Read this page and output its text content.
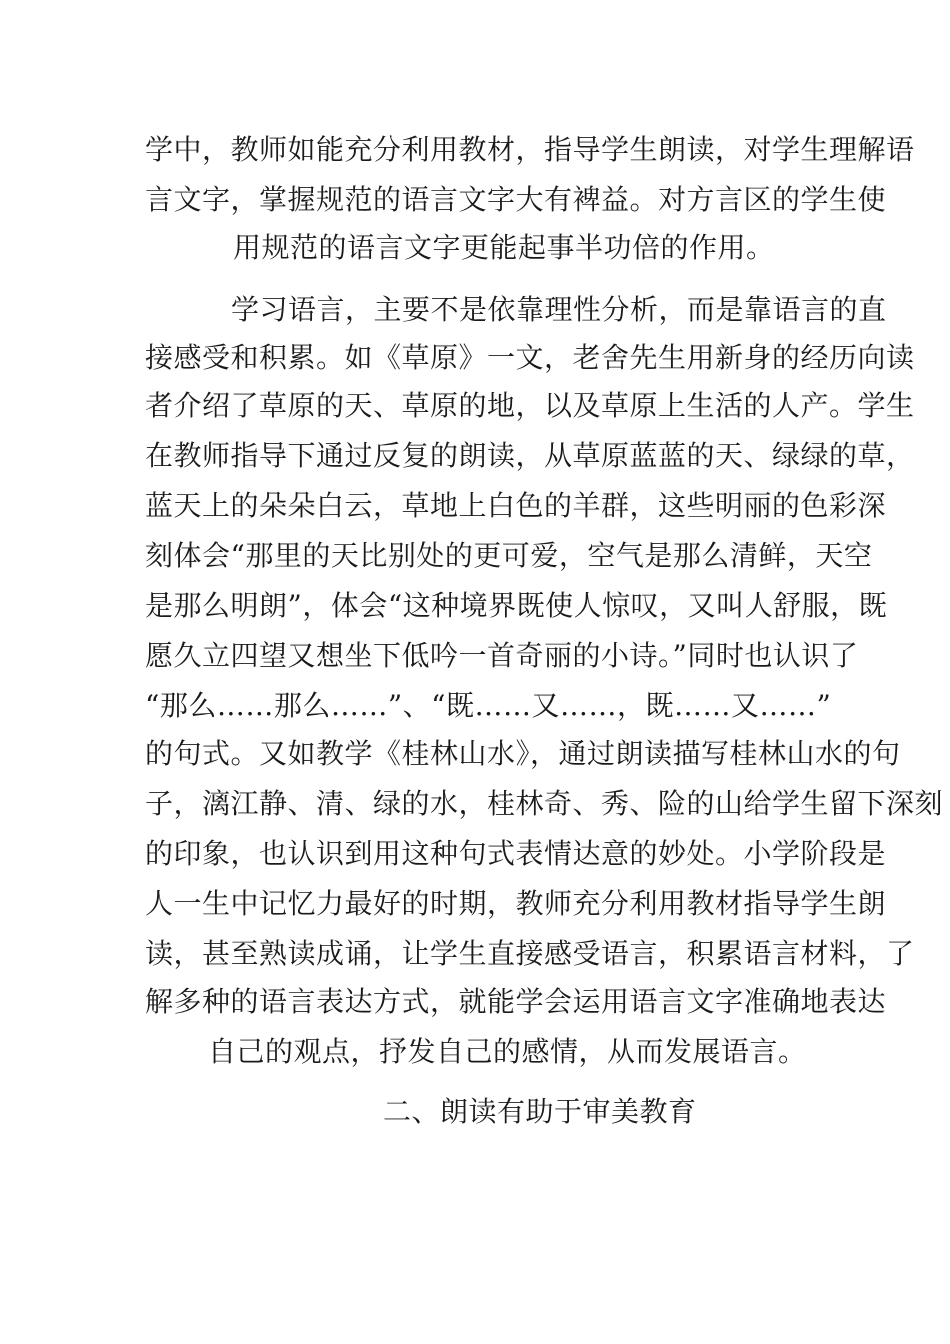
学中，教师如能充分利用教材，指导学生朗读，对学生理解语
言文字，掌握规范的语言文字大有裨益。对方言区的学生使
用规范的语言文字更能起事半功倍的作用。
学习语言，主要不是依靠理性分析，而是靠语言的直
接感受和积累。如《草原》一文，老舍先生用新身的经历向读
者介绍了草原的天、草原的地，以及草原上生活的人产。学生
在教师指导下通过反复的朗读，从草原蓝蓝的天、绿绿的草，
蓝天上的朵朵白云，草地上白色的羊群，这些明丽的色彩深
刻体会“那里的天比别处的更可爱，空气是那么清鲜，天空
是那么明朗”，体会“这种境界既使人惊叹，又叫人舒服，既
愿久立四望又想坐下低吟一首奇丽的小诗。”同时也认识了
“那么……那么……”、“既……又……，既……又……”
的句式。又如教学《桂林山水》，通过朗读描写桂林山水的句
子，漓江静、清、绿的水，桂林奇、秀、险的山给学生留下深刻
的印象，也认识到用这种句式表情达意的妙处。小学阶段是
人一生中记忆力最好的时期，教师充分利用教材指导学生朗
读，甚至熟读成诵，让学生直接感受语言，积累语言材料，了
解多种的语言表达方式，就能学会运用语言文字准确地表达
自己的观点，抒发自己的感情，从而发展语言。
二、朗读有助于审美教育
